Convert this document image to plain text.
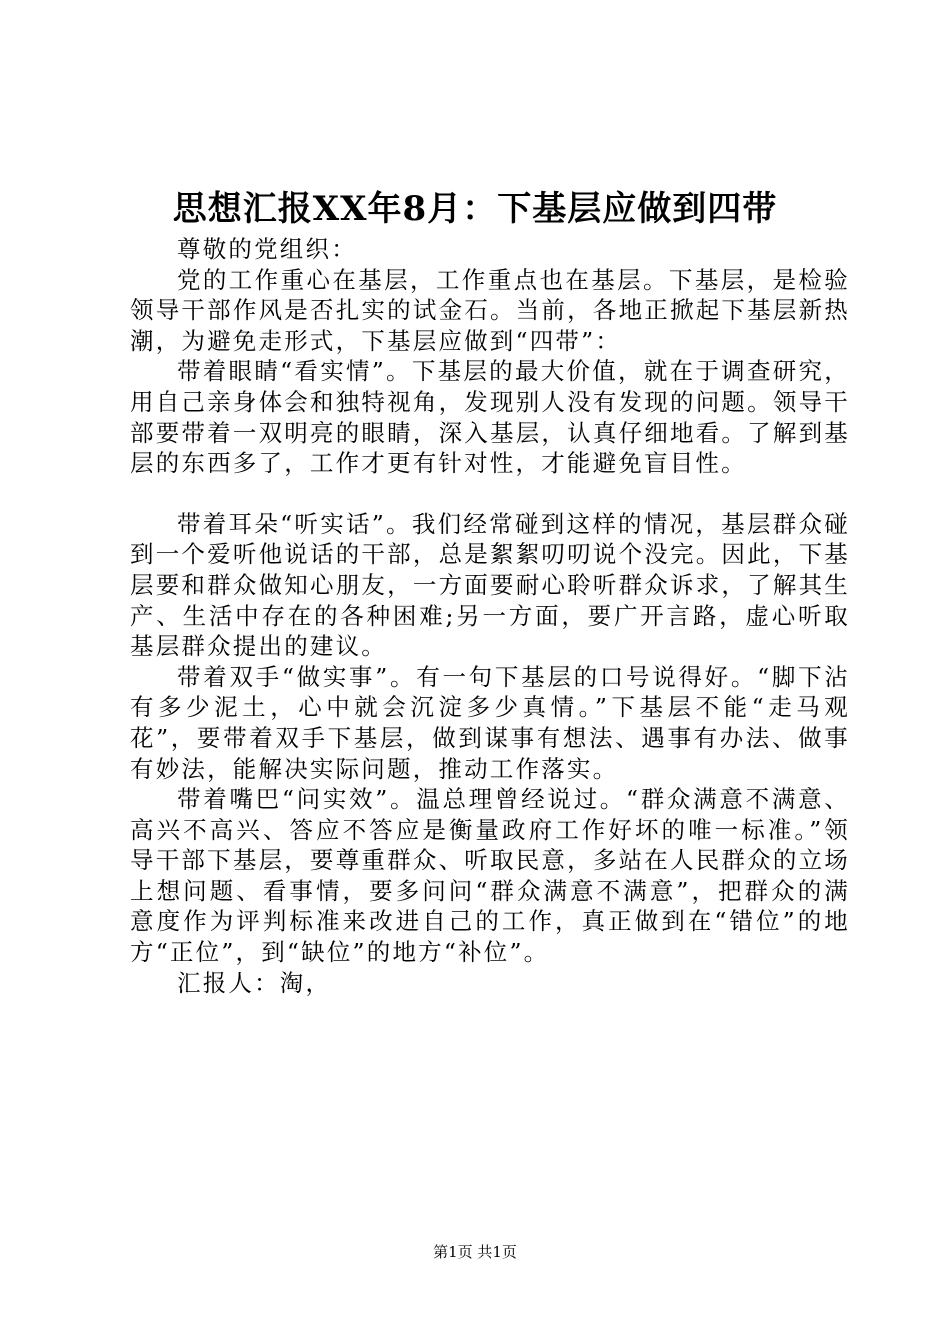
思想汇报XX年8月：下基层应做到四带

尊敬的党组织：

党的工作重心在基层，工作重点也在基层。下基层，是检验领导干部作风是否扎实的试金石。当前，各地正掀起下基层新热潮，为避免走形式，下基层应做到“四带”：

带着眼睛“看实情”。下基层的最大价值，就在于调查研究，用自己亲身体会和独特视角，发现别人没有发现的问题。领导干部要带着一双明亮的眼睛，深入基层，认真仔细地看。了解到基层的东西多了，工作才更有针对性，才能避免盲目性。

带着耳朵“听实话”。我们经常碰到这样的情况，基层群众碰到一个爱听他说话的干部，总是絮絮叨叨说个没完。因此，下基层要和群众做知心朋友，一方面要耐心聆听群众诉求，了解其生产、生活中存在的各种困难;另一方面，要广开言路，虚心听取基层群众提出的建议。

带着双手“做实事”。有一句下基层的口号说得好。“脚下沾有多少泥土，心中就会沉淀多少真情。”下基层不能“走马观花”，要带着双手下基层，做到谋事有想法、遇事有办法、做事有妙法，能解决实际问题，推动工作落实。

带着嘴巴“问实效”。温总理曾经说过。“群众满意不满意、高兴不高兴、答应不答应是衡量政府工作好坏的唯一标准。”领导干部下基层，要尊重群众、听取民意，多站在人民群众的立场上想问题、看事情，要多问问“群众满意不满意”，把群众的满意度作为评判标准来改进自己的工作，真正做到在“错位”的地方“正位”，到“缺位”的地方“补位”。

汇报人：淘，

第1页 共1页
